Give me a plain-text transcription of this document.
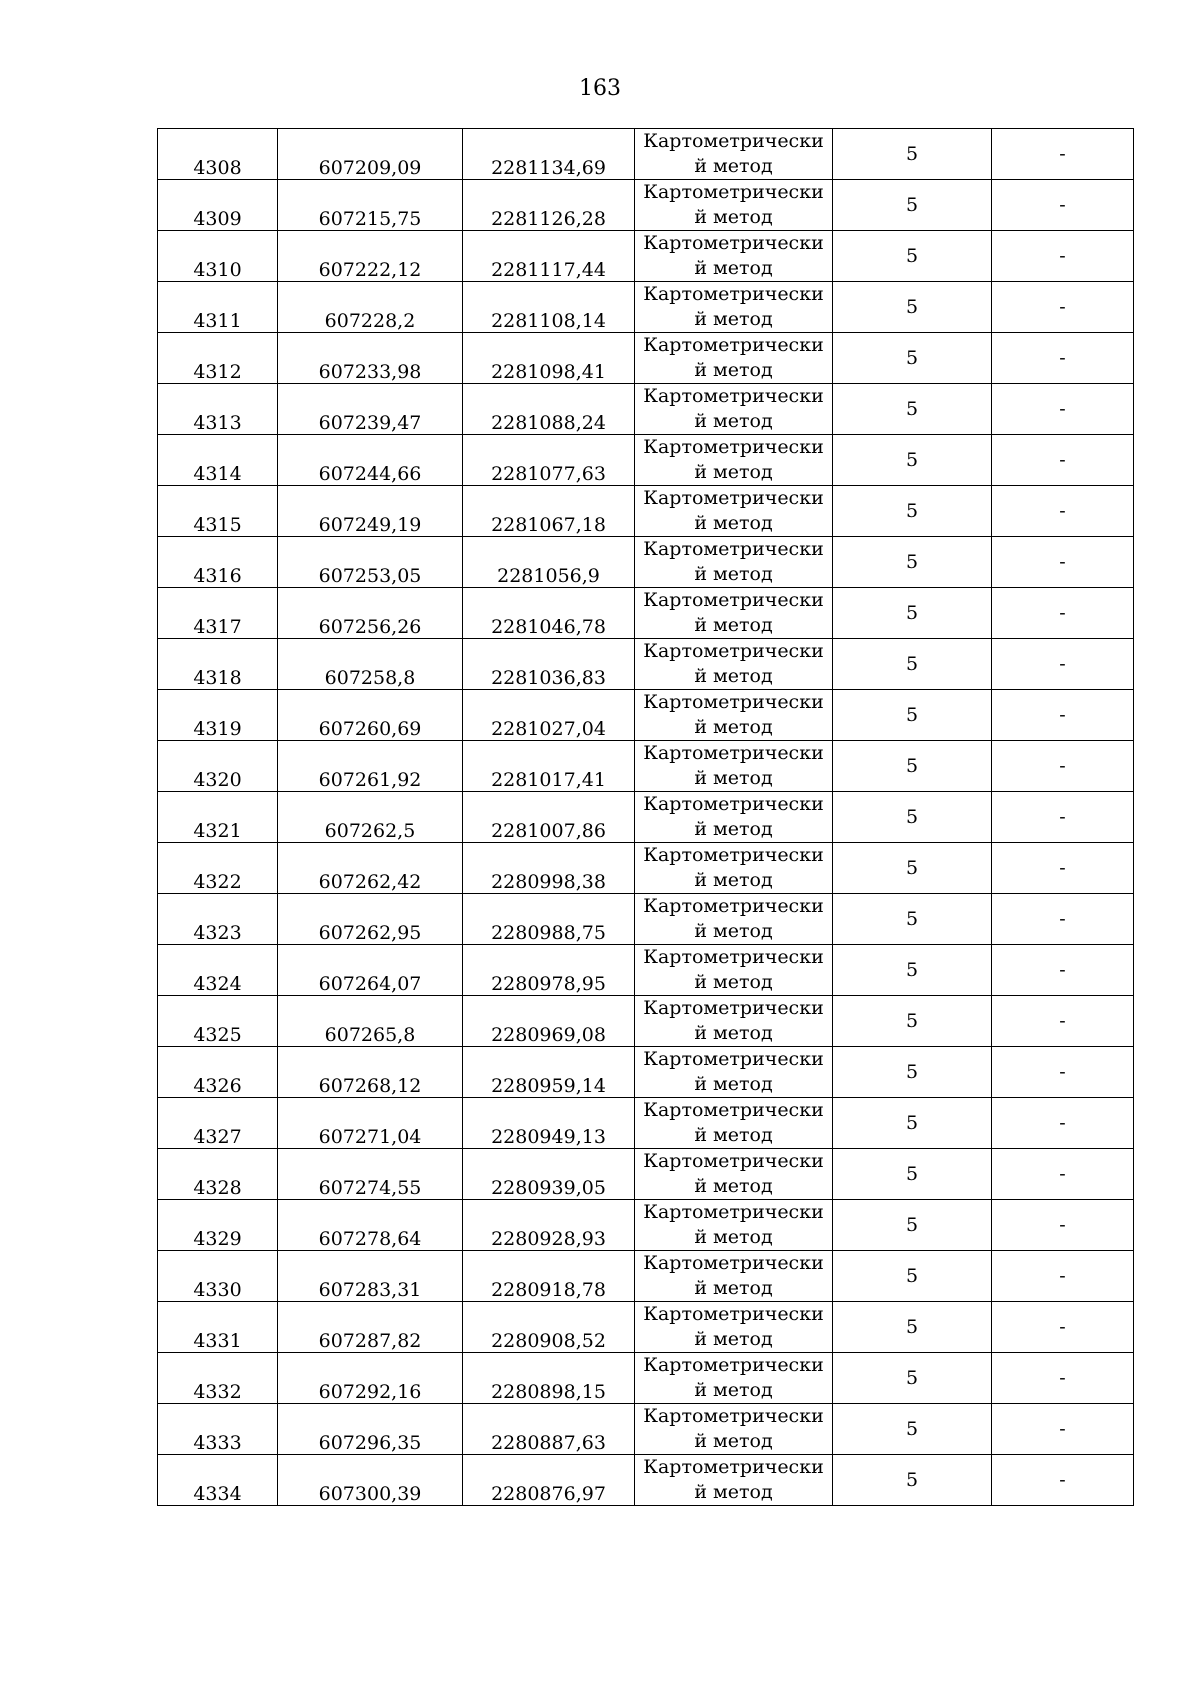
163
4308	607209,09	2281134,69	Картометрически
й метод	5	-
4309	607215,75	2281126,28	Картометрически
й метод	5	-
4310	607222,12	2281117,44	Картометрически
й метод	5	-
4311	607228,2	2281108,14	Картометрически
й метод	5	-
4312	607233,98	2281098,41	Картометрически
й метод	5	-
4313	607239,47	2281088,24	Картометрически
й метод	5	-
4314	607244,66	2281077,63	Картометрически
й метод	5	-
4315	607249,19	2281067,18	Картометрически
й метод	5	-
4316	607253,05	2281056,9	Картометрически
й метод	5	-
4317	607256,26	2281046,78	Картометрически
й метод	5	-
4318	607258,8	2281036,83	Картометрически
й метод	5	-
4319	607260,69	2281027,04	Картометрически
й метод	5	-
4320	607261,92	2281017,41	Картометрически
й метод	5	-
4321	607262,5	2281007,86	Картометрически
й метод	5	-
4322	607262,42	2280998,38	Картометрически
й метод	5	-
4323	607262,95	2280988,75	Картометрически
й метод	5	-
4324	607264,07	2280978,95	Картометрически
й метод	5	-
4325	607265,8	2280969,08	Картометрически
й метод	5	-
4326	607268,12	2280959,14	Картометрически
й метод	5	-
4327	607271,04	2280949,13	Картометрически
й метод	5	-
4328	607274,55	2280939,05	Картометрически
й метод	5	-
4329	607278,64	2280928,93	Картометрически
й метод	5	-
4330	607283,31	2280918,78	Картометрически
й метод	5	-
4331	607287,82	2280908,52	Картометрически
й метод	5	-
4332	607292,16	2280898,15	Картометрически
й метод	5	-
4333	607296,35	2280887,63	Картометрически
й метод	5	-
4334	607300,39	2280876,97	Картометрически
й метод	5	-
